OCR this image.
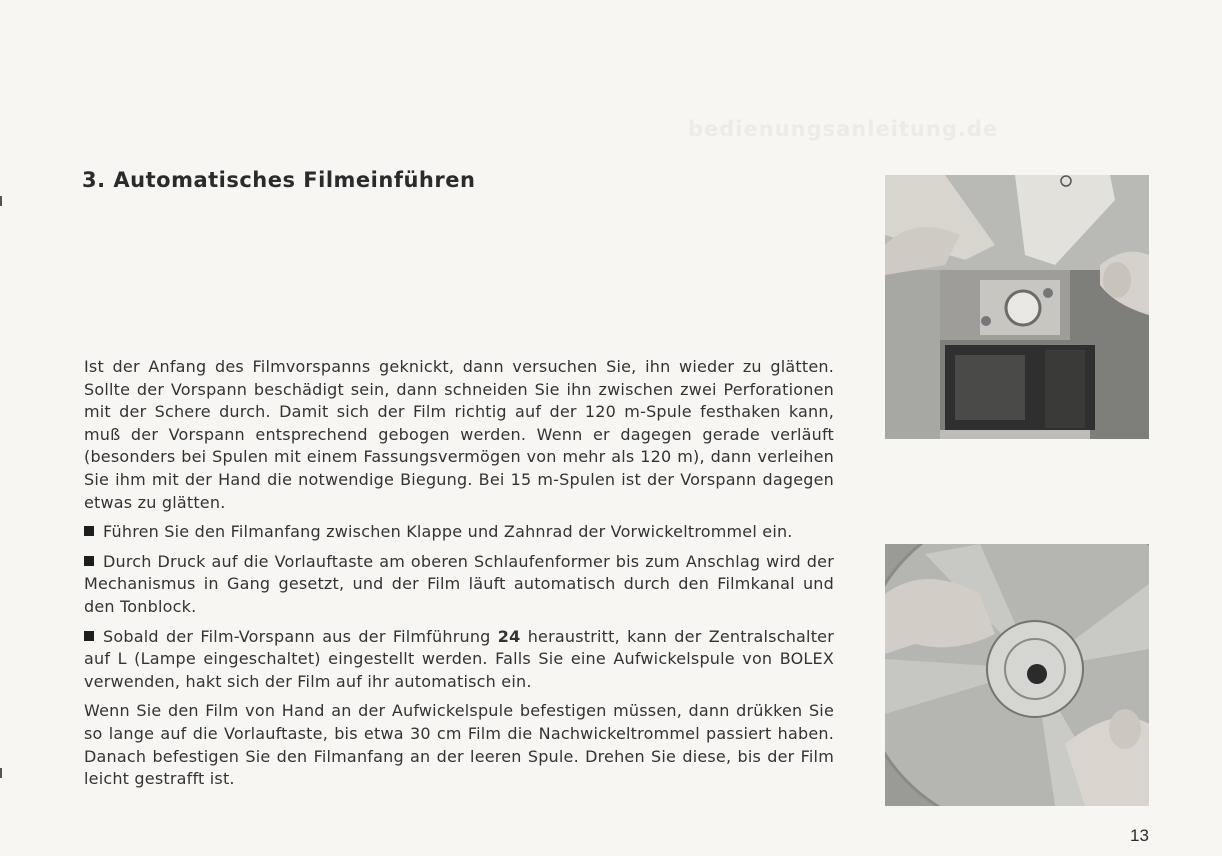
bedienungsanleitung.de
3. Automatisches Filmeinführen

Ist der Anfang des Filmvorspanns geknickt, dann versuchen Sie, ihn wieder zu glätten. Sollte der Vorspann beschädigt sein, dann schneiden Sie ihn zwischen zwei Perforationen mit der Schere durch. Damit sich der Film richtig auf der 120 m-Spule festhaken kann, muß der Vorspann entsprechend gebogen werden. Wenn er dagegen gerade verläuft (besonders bei Spulen mit einem Fassungsvermögen von mehr als 120 m), dann verleihen Sie ihm mit der Hand die notwendige Biegung. Bei 15 m-Spulen ist der Vorspann dagegen etwas zu glätten.

Führen Sie den Filmanfang zwischen Klappe und Zahnrad der Vorwickeltrommel ein.

Durch Druck auf die Vorlauftaste am oberen Schlaufenformer bis zum Anschlag wird der Mechanismus in Gang gesetzt, und der Film läuft automatisch durch den Filmkanal und den Tonblock.

Sobald der Film-Vorspann aus der Filmführung 24 heraustritt, kann der Zentralschalter auf L (Lampe eingeschaltet) eingestellt werden. Falls Sie eine Aufwickelspule von BOLEX verwenden, hakt sich der Film auf ihr automatisch ein.

Wenn Sie den Film von Hand an der Aufwickelspule befestigen müssen, dann drükken Sie so lange auf die Vorlauftaste, bis etwa 30 cm Film die Nachwickeltrommel passiert haben. Danach befestigen Sie den Filmanfang an der leeren Spule. Drehen Sie diese, bis der Film leicht gestrafft ist.

13
